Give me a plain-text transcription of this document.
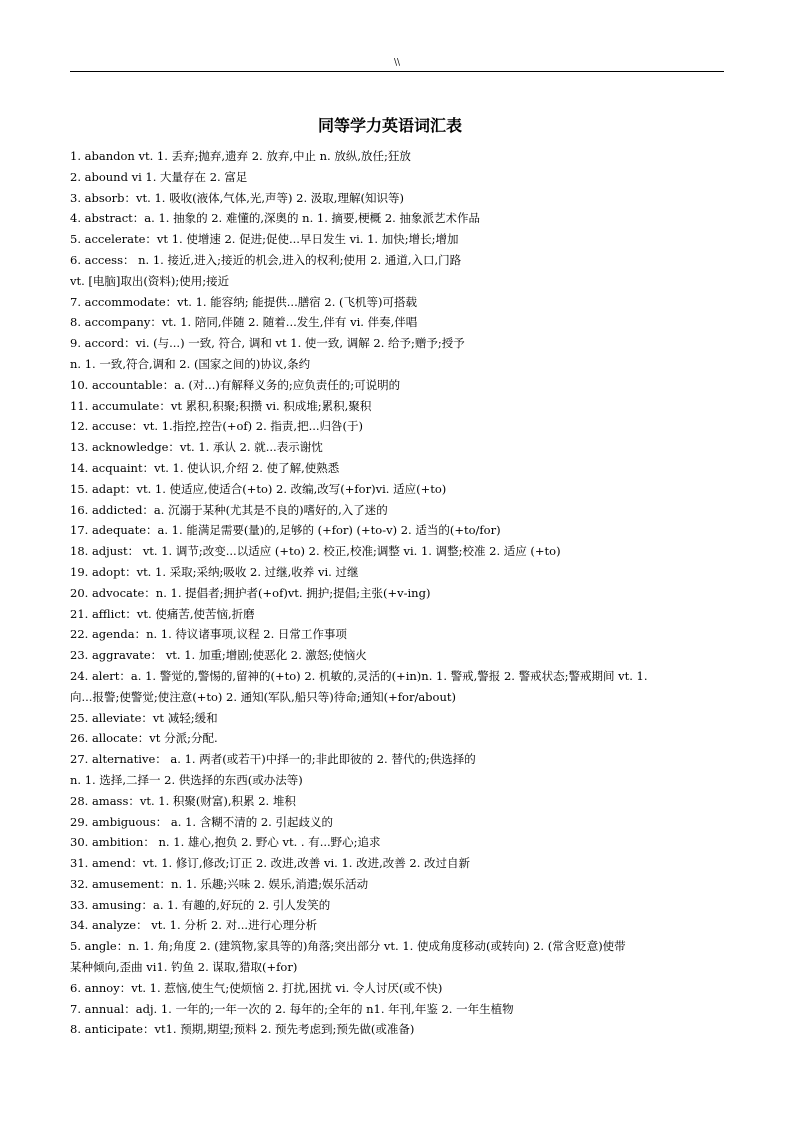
\\
同等学力英语词汇表
1. abandon vt. 1. 丢弃;抛弃,遗弃 2. 放弃,中止 n. 放纵,放任;狂放
2. abound vi 1. 大量存在 2. 富足
3. absorb：vt. 1. 吸收(液体,气体,光,声等) 2. 汲取,理解(知识等)
4. abstract：a. 1. 抽象的 2. 难懂的,深奥的 n. 1. 摘要,梗概 2. 抽象派艺术作品
5. accelerate：vt 1. 使增速 2. 促进;促使...早日发生 vi. 1. 加快;增长;增加
6. access： n. 1. 接近,进入;接近的机会,进入的权利;使用 2. 通道,入口,门路
vt. [电脑]取出(资料);使用;接近
7. accommodate：vt. 1. 能容纳; 能提供...膳宿 2. (飞机等)可搭载
8. accompany：vt. 1. 陪同,伴随 2. 随着...发生,伴有 vi. 伴奏,伴唱
9. accord：vi. (与...) 一致, 符合, 调和 vt 1. 使一致, 调解 2. 给予;赠予;授予
n. 1. 一致,符合,调和 2. (国家之间的)协议,条约
10. accountable：a. (对...)有解释义务的;应负责任的;可说明的
11. accumulate：vt 累积,积聚;积攒 vi. 积成堆;累积,聚积
12. accuse：vt. 1.指控,控告(+of) 2. 指责,把...归咎(于)
13. acknowledge：vt. 1. 承认 2. 就...表示谢忱
14. acquaint：vt. 1. 使认识,介绍 2. 使了解,使熟悉
15. adapt：vt. 1. 使适应,使适合(+to) 2. 改编,改写(+for)vi. 适应(+to)
16. addicted：a. 沉溺于某种(尤其是不良的)嗜好的,入了迷的
17. adequate：a. 1. 能满足需要(量)的,足够的 (+for) (+to-v) 2. 适当的(+to/for)
18. adjust： vt. 1. 调节;改变...以适应 (+to) 2. 校正,校准;调整 vi. 1. 调整;校准 2. 适应 (+to)
19. adopt：vt. 1. 采取;采纳;吸收 2. 过继,收养 vi. 过继
20. advocate：n. 1. 提倡者;拥护者(+of)vt. 拥护;提倡;主张(+v-ing)
21. afflict：vt. 使痛苦,使苦恼,折磨
22. agenda：n. 1. 待议诸事项,议程 2. 日常工作事项
23. aggravate： vt. 1. 加重;增剧;使恶化 2. 激怒;使恼火
24. alert：a. 1. 警觉的,警惕的,留神的(+to) 2. 机敏的,灵活的(+in)n. 1. 警戒,警报 2. 警戒状态;警戒期间 vt. 1.
向...报警;使警觉;使注意(+to) 2. 通知(军队,船只等)待命;通知(+for/about)
25. alleviate：vt 减轻;缓和
26. allocate：vt 分派;分配.
27. alternative： a. 1. 两者(或若干)中择一的;非此即彼的 2. 替代的;供选择的
n. 1. 选择,二择一 2. 供选择的东西(或办法等)
28. amass：vt. 1. 积聚(财富),积累 2. 堆积
29. ambiguous： a. 1. 含糊不清的 2. 引起歧义的
30. ambition： n. 1. 雄心,抱负 2. 野心 vt. . 有...野心;追求
31. amend：vt. 1. 修订,修改;订正 2. 改进,改善 vi. 1. 改进,改善 2. 改过自新
32. amusement：n. 1. 乐趣;兴味 2. 娱乐,消遣;娱乐活动
33. amusing：a. 1. 有趣的,好玩的 2. 引人发笑的
34. analyze： vt. 1. 分析 2. 对...进行心理分析
5. angle：n. 1. 角;角度 2. (建筑物,家具等的)角落;突出部分 vt. 1. 使成角度移动(或转向) 2. (常含贬意)使带
某种倾向,歪曲 vi1. 钓鱼 2. 谋取,猎取(+for)
6. annoy：vt. 1. 惹恼,使生气;使烦恼 2. 打扰,困扰 vi. 令人讨厌(或不快)
7. annual：adj. 1. 一年的;一年一次的 2. 每年的;全年的 n1. 年刊,年鉴 2. 一年生植物
8. anticipate：vt1. 预期,期望;预料 2. 预先考虑到;预先做(或准备)
